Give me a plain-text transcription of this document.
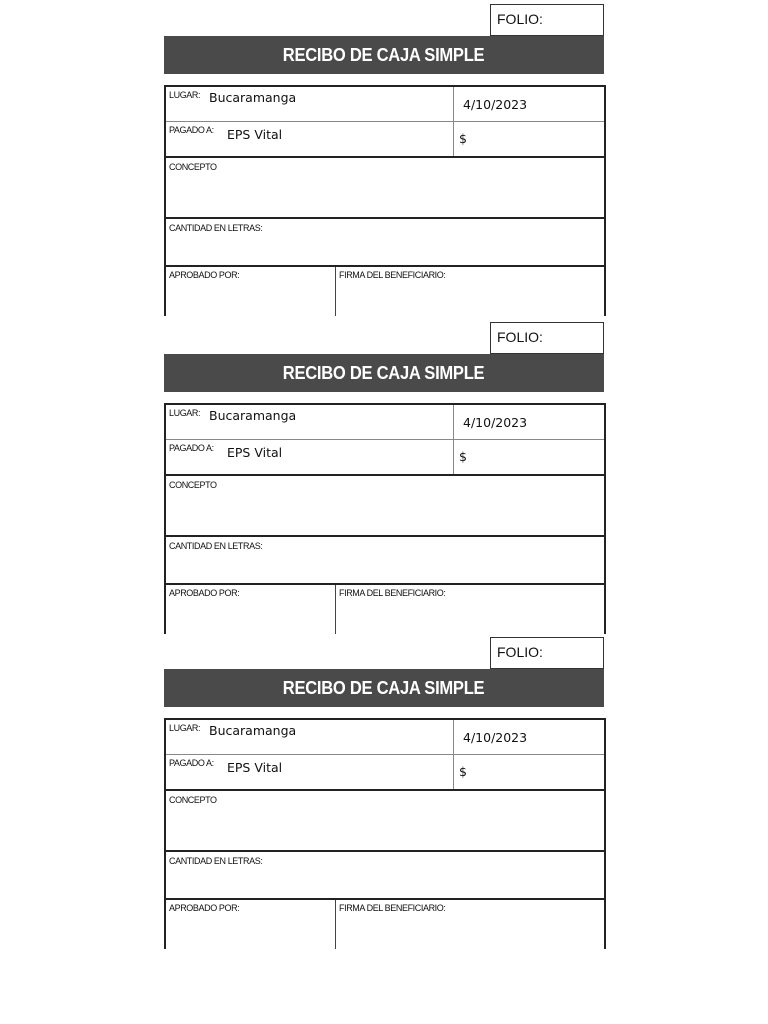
FOLIO:
RECIBO DE CAJA SIMPLE
LUGAR: Bucaramanga	4/10/2023
PAGADO A: EPS Vital	$
CONCEPTO
CANTIDAD EN LETRAS:
APROBADO POR:	FIRMA DEL BENEFICIARIO:
FOLIO:
RECIBO DE CAJA SIMPLE
LUGAR: Bucaramanga	4/10/2023
PAGADO A: EPS Vital	$
CONCEPTO
CANTIDAD EN LETRAS:
APROBADO POR:	FIRMA DEL BENEFICIARIO:
FOLIO:
RECIBO DE CAJA SIMPLE
LUGAR: Bucaramanga	4/10/2023
PAGADO A: EPS Vital	$
CONCEPTO
CANTIDAD EN LETRAS:
APROBADO POR:	FIRMA DEL BENEFICIARIO:
